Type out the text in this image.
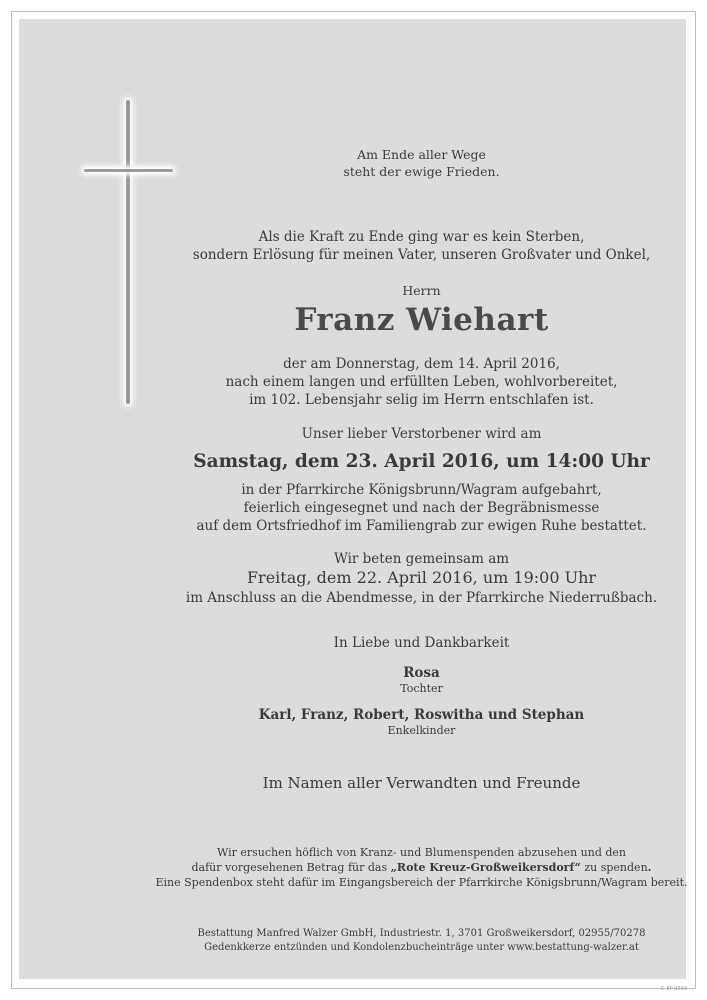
Am Ende aller Wege
steht der ewige Frieden.
Als die Kraft zu Ende ging war es kein Sterben,
sondern Erlösung für meinen Vater, unseren Großvater und Onkel,
Herrn
Franz Wiehart
der am Donnerstag, dem 14. April 2016,
nach einem langen und erfüllten Leben, wohlvorbereitet,
im 102. Lebensjahr selig im Herrn entschlafen ist.
Unser lieber Verstorbener wird am
Samstag, dem 23. April 2016, um 14:00 Uhr
in der Pfarrkirche Königsbrunn/Wagram aufgebahrt,
feierlich eingesegnet und nach der Begräbnismesse
auf dem Ortsfriedhof im Familiengrab zur ewigen Ruhe bestattet.
Wir beten gemeinsam am
Freitag, dem 22. April 2016, um 19:00 Uhr
im Anschluss an die Abendmesse, in der Pfarrkirche Niederrußbach.
In Liebe und Dankbarkeit
Rosa
Tochter
Karl, Franz, Robert, Roswitha und Stephan
Enkelkinder
Im Namen aller Verwandten und Freunde
Wir ersuchen höflich von Kranz- und Blumenspenden abzusehen und den
dafür vorgesehenen Betrag für das „Rote Kreuz-Großweikersdorf“ zu spenden.
Eine Spendenbox steht dafür im Eingangsbereich der Pfarrkirche Königsbrunn/Wagram bereit.
Bestattung Manfred Walzer GmbH, Industriestr. 1, 3701 Großweikersdorf, 02955/70278
Gedenkkerze entzünden und Kondolenzbucheinträge unter www.bestattung-walzer.at
© EP 9593
